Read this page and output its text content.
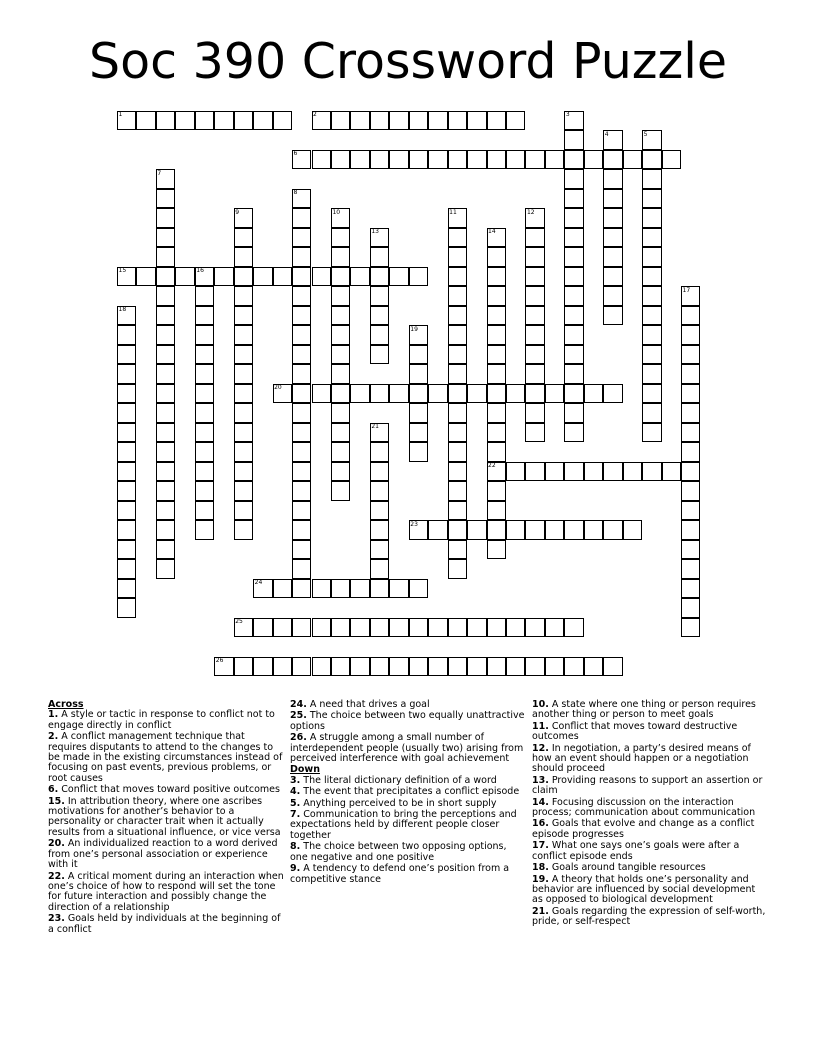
Soc 390 Crossword Puzzle
1	2	3
4	5
6
7
8
9	10	11	12
13	14
15	16
17
18
19
20
21
22
23
24
25
26
Across

1. A style or tactic in response to conflict not to engage directly in conflict

2. A conflict management technique that requires disputants to attend to the changes to be made in the existing circumstances instead of focusing on past events, previous problems, or root causes

6. Conflict that moves toward positive outcomes

15. In attribution theory, where one ascribes motivations for another’s behavior to a personality or character trait when it actually results from a situational influence, or vice versa

20. An individualized reaction to a word derived from one’s personal association or experience with it

22. A critical moment during an interaction when one’s choice of how to respond will set the tone for future interaction and possibly change the direction of a relationship

23. Goals held by individuals at the beginning of a conflict

24. A need that drives a goal

25. The choice between two equally unattractive options

26. A struggle among a small number of interdependent people (usually two) arising from perceived interference with goal achievement

Down

3. The literal dictionary definition of a word

4. The event that precipitates a conflict episode

5. Anything perceived to be in short supply

7. Communication to bring the perceptions and expectations held by different people closer together

8. The choice between two opposing options, one negative and one positive

9. A tendency to defend one’s position from a competitive stance

10. A state where one thing or person requires another thing or person to meet goals

11. Conflict that moves toward destructive outcomes

12. In negotiation, a party’s desired means of how an event should happen or a negotiation should proceed

13. Providing reasons to support an assertion or claim

14. Focusing discussion on the interaction process; communication about communication

16. Goals that evolve and change as a conflict episode progresses

17. What one says one’s goals were after a conflict episode ends

18. Goals around tangible resources

19. A theory that holds one’s personality and behavior are influenced by social development as opposed to biological development

21. Goals regarding the expression of self-worth, pride, or self-respect
